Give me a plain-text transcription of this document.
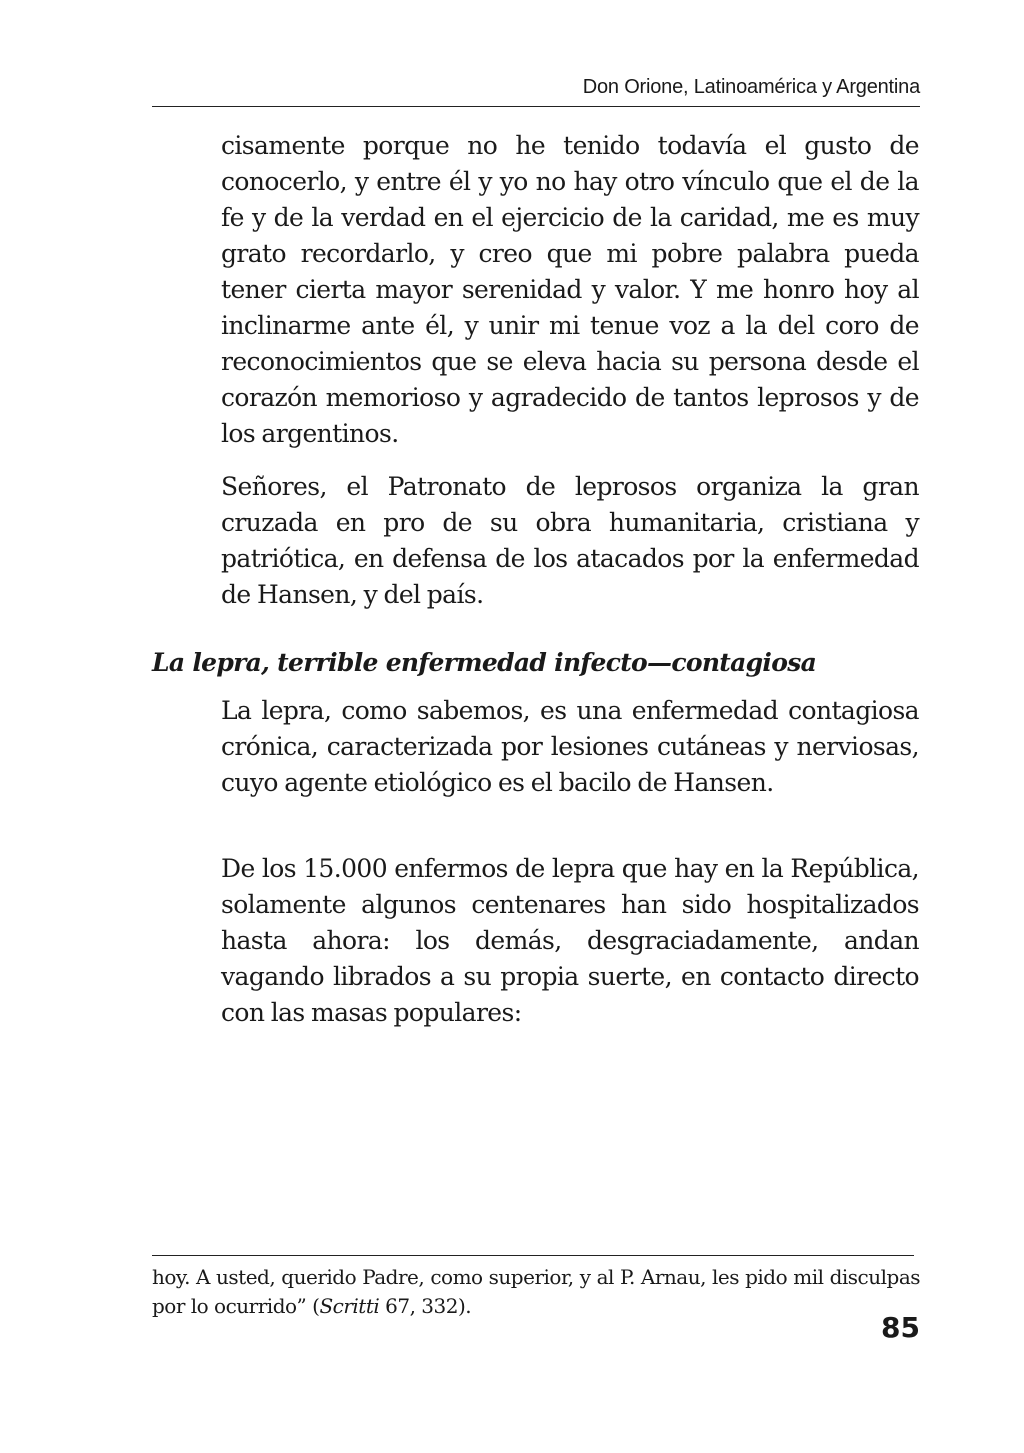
Don Orione, Latinoamérica y Argentina

cisamente porque no he tenido todavía el gusto de conocerlo, y entre él y yo no hay otro vínculo que el de la fe y de la verdad en el ejercicio de la caridad, me es muy grato recordarlo, y creo que mi pobre palabra pueda tener cierta mayor serenidad y valor. Y me honro hoy al inclinarme ante él, y unir mi tenue voz a la del coro de reconocimientos que se eleva hacia su persona desde el corazón memorioso y agradecido de tantos leprosos y de los argentinos.

Señores, el Patronato de leprosos organiza la gran cruzada en pro de su obra humanitaria, cristiana y patriótica, en defensa de los atacados por la enfermedad de Hansen, y del país.

La lepra, terrible enfermedad infecto—contagiosa

La lepra, como sabemos, es una enfermedad contagiosa crónica, caracterizada por lesiones cutáneas y nerviosas, cuyo agente etiológico es el bacilo de Hansen.

De los 15.000 enfermos de lepra que hay en la República, solamente algunos centenares han sido hospitalizados hasta ahora: los demás, desgraciadamente, andan vagando librados a su propia suerte, en contacto directo con las masas populares:

hoy. A usted, querido Padre, como superior, y al P. Arnau, les pido mil disculpas por lo ocurrido” (Scritti 67, 332).

85
